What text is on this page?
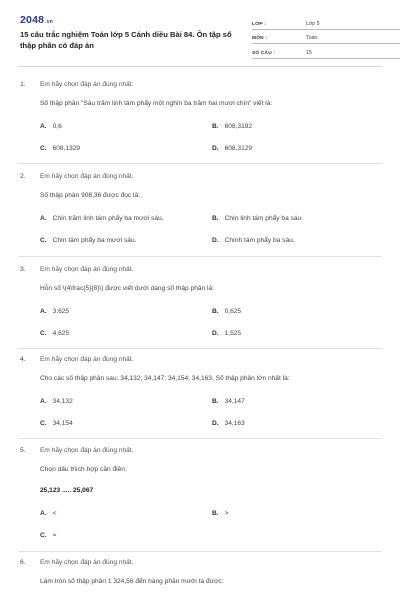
2048.vn
15 câu trắc nghiệm Toán lớp 5 Cánh diều Bài 84. Ôn tập số thập phân có đáp án
LỚP :	Lớp 5
MÔN :	Toán
SỐ CÂU :	15
1. Em hãy chọn đáp án đúng nhất.
Số thập phân "Sáu trăm linh tám phẩy một nghìn ba trăm hai mươi chín" viết là:
A. 0,6	B. 608,3192
C. 608,1329	D. 608,3129
2. Em hãy chọn đáp án đúng nhất.
Số thập phân 908,36 được đọc là:
A. Chín trăm linh tám phẩy ba mươi sáu.	B. Chín linh tám phẩy ba sáu.
C. Chín tám phẩy ba mươi sáu.	D. Chính tám phẩy ba sáu.
3. Em hãy chọn đáp án đúng nhất.
Hỗn số \(4\frac{5}{8}\) được viết dưới dạng số thập phân là:
A. 3,625	B. 0,625
C. 4,625	D. 1,525
4. Em hãy chọn đáp án đúng nhất.
Cho các số thập phân sau: 34,132; 34,147; 34,154; 34,163. Số thập phân lớn nhất là:
A. 34,132	B. 34,147
C. 34,154	D. 34,163
5. Em hãy chọn đáp án đúng nhất.
Chọn dấu thích hợp cần điền:
25,123 ..... 25,067
A. <	B. >
C. =
6. Em hãy chọn đáp án đúng nhất.
Làm tròn số thập phân 1 324,56 đến hàng phần mười ta được:
